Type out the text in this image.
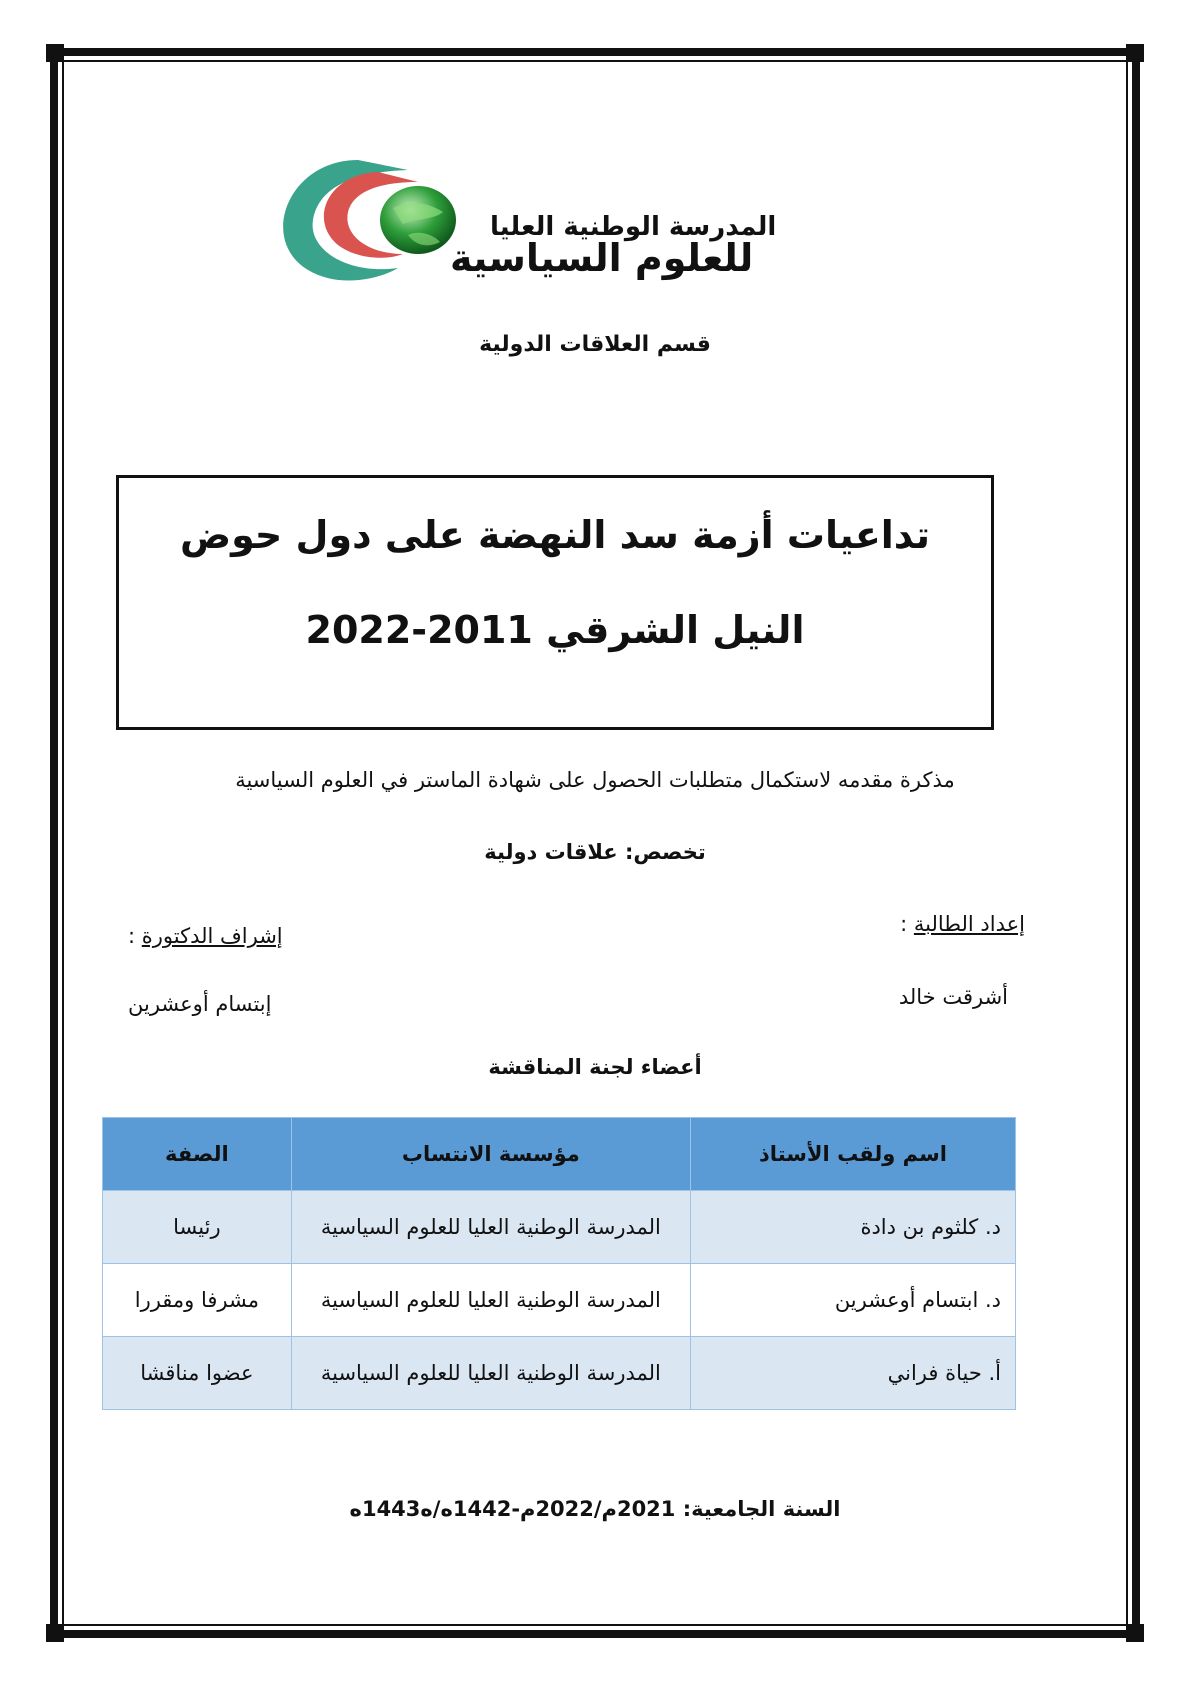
المدرسة الوطنية العليا
للعلوم السياسية
قسم العلاقات الدولية
تداعيات أزمة سد النهضة على دول حوض
النيل الشرقي 2011-2022
مذكرة مقدمه لاستكمال متطلبات الحصول على شهادة الماستر في العلوم السياسية
تخصص: علاقات دولية
إعداد الطالبة :
أشرقت خالد
إشراف الدكتورة :
إبتسام أوعشرين
أعضاء لجنة المناقشة
اسم ولقب الأستاذ	مؤسسة الانتساب	الصفة
د. كلثوم بن دادة	المدرسة الوطنية العليا للعلوم السياسية	رئيسا
د. ابتسام أوعشرين	المدرسة الوطنية العليا للعلوم السياسية	مشرفا ومقررا
أ. حياة فراني	المدرسة الوطنية العليا للعلوم السياسية	عضوا مناقشا
السنة الجامعية: 2021م/2022م-1442ه/ه1443ه
